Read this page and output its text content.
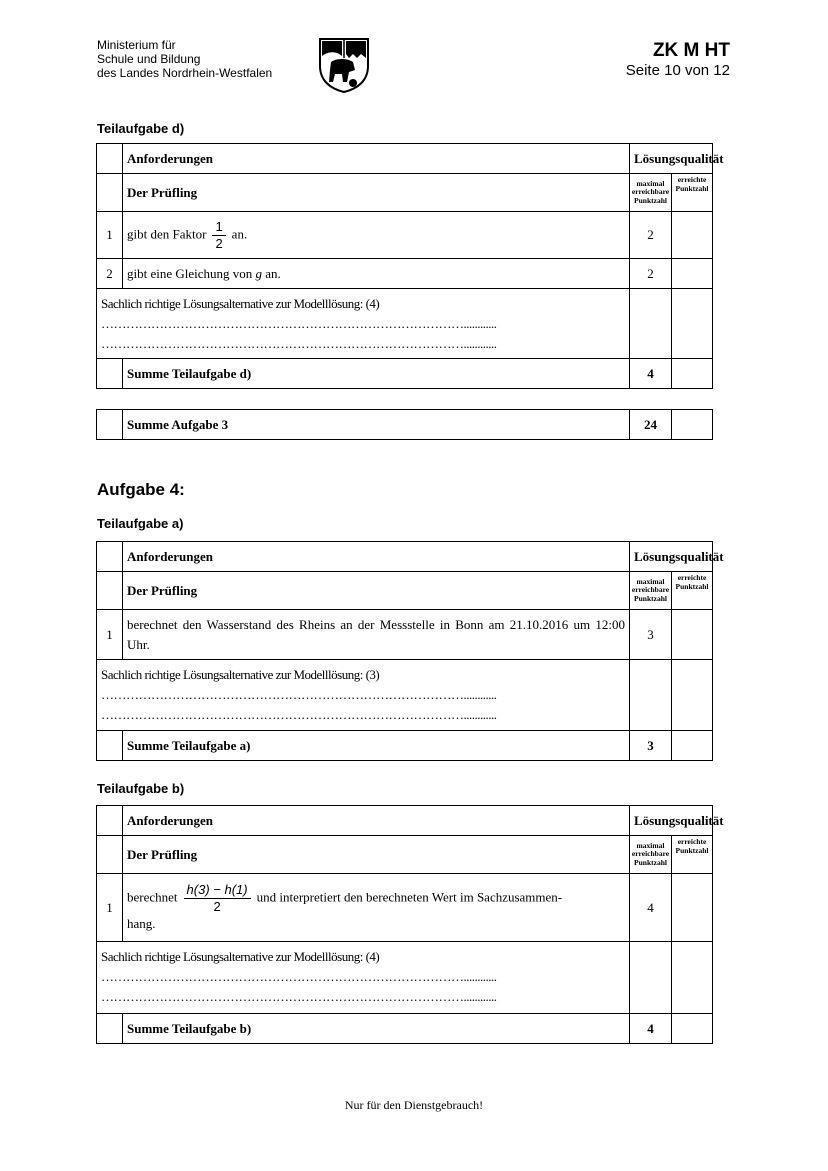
Ministerium für
Schule und Bildung
des Landes Nordrhein-Westfalen
ZK M HT
Seite 10 von 12
Teilaufgabe d)
	Anforderungen	Lösungsqualität	
	Der Prüfling	maximal
erreichbare
Punktzahl	erreichte
Punktzahl
1	gibt den Faktor $\frac{1}{2}$ an.	2	
2	gibt eine Gleichung von g an.	2	

Sachlich richtige Lösungsalternative zur Modelllösung: (4)
……………………………………………………………………………............
……………………………………………………………………………............			

	Summe Teilaufgabe d)	4	
	Summe Aufgabe 3	24	
Aufgabe 4:
Teilaufgabe a)
	Anforderungen	Lösungsqualität	
	Der Prüfling	maximal
erreichbare
Punktzahl	erreichte
Punktzahl
1	berechnet den Wasserstand des Rheins an der Messstelle in Bonn am 21.10.2016 um 12:00 Uhr.	3	

Sachlich richtige Lösungsalternative zur Modelllösung: (3)
……………………………………………………………………………............
……………………………………………………………………………............			

	Summe Teilaufgabe a)	3	
Teilaufgabe b)
	Anforderungen	Lösungsqualität	
	Der Prüfling	maximal
erreichbare
Punktzahl	erreichte
Punktzahl
1	berechnet $\frac{h(3) - h(1)}{2}$ und interpretiert den berechneten Wert im Sachzusammen-
hang.	4	

Sachlich richtige Lösungsalternative zur Modelllösung: (4)
……………………………………………………………………………............
……………………………………………………………………………............			

	Summe Teilaufgabe b)	4	
Nur für den Dienstgebrauch!
